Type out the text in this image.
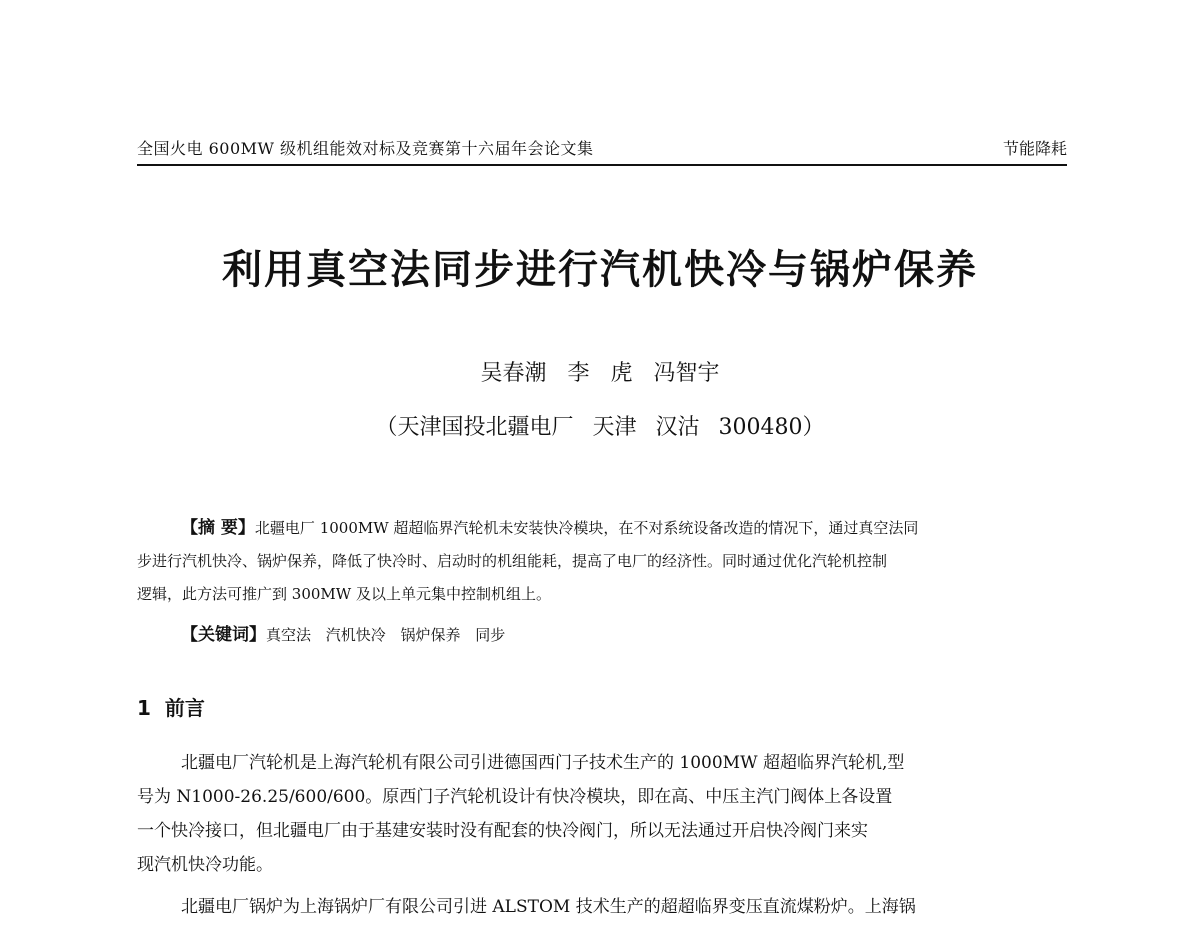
全国火电 600MW 级机组能效对标及竞赛第十六届年会论文集	节能降耗
利用真空法同步进行汽机快冷与锅炉保养
吴春潮 李 虎 冯智宇
（天津国投北疆电厂 天津 汉沽 300480）
【摘 要】北疆电厂 1000MW 超超临界汽轮机未安装快冷模块，在不对系统设备改造的情况下，通过真空法同
步进行汽机快冷、锅炉保养，降低了快冷时、启动时的机组能耗，提高了电厂的经济性。同时通过优化汽轮机控制
逻辑，此方法可推广到 300MW 及以上单元集中控制机组上。
【关键词】真空法 汽机快冷 锅炉保养 同步
1 前言
北疆电厂汽轮机是上海汽轮机有限公司引进德国西门子技术生产的 1000MW 超超临界汽轮机,型
号为 N1000-26.25/600/600。原西门子汽轮机设计有快冷模块，即在高、中压主汽门阀体上各设置
一个快冷接口，但北疆电厂由于基建安装时没有配套的快冷阀门，所以无法通过开启快冷阀门来实
现汽机快冷功能。
北疆电厂锅炉为上海锅炉厂有限公司引进 ALSTOM 技术生产的超超临界变压直流煤粉炉。上海锅
